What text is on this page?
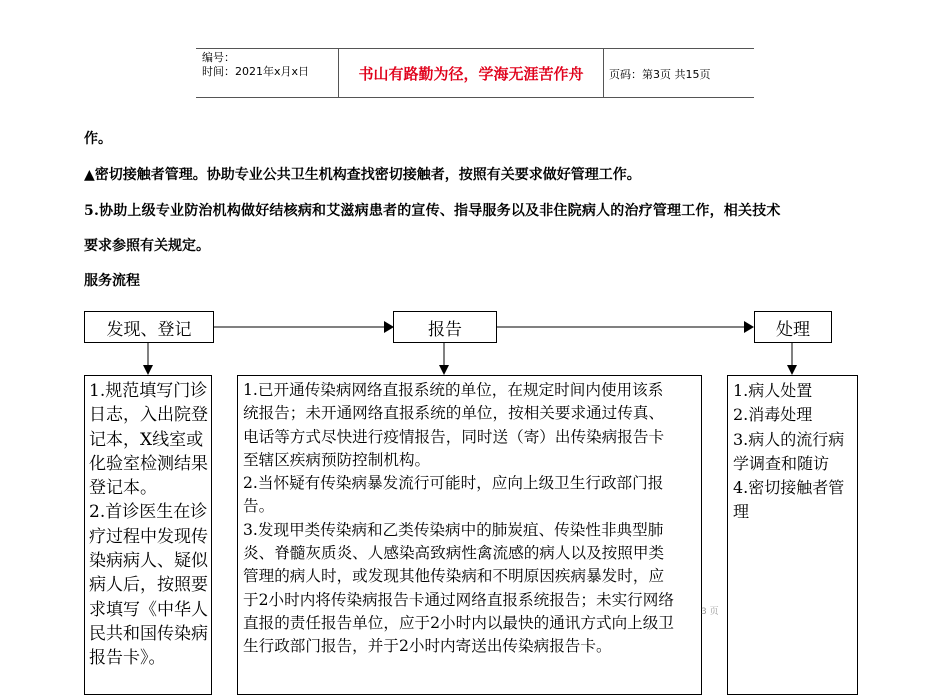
编号：
时间：2021年x月x日	书山有路勤为径，学海无涯苦作舟	页码：第3页 共15页
作。
▲密切接触者管理。协助专业公共卫生机构查找密切接触者，按照有关要求做好管理工作。
5.协助上级专业防治机构做好结核病和艾滋病患者的宣传、指导服务以及非住院病人的治疗管理工作，相关技术
要求参照有关规定。
服务流程
发现、登记	报告	处理
1.规范填写门诊
日志，入出院登
记本，X线室或
化验室检测结果
登记本。
2.首诊医生在诊
疗过程中发现传
染病病人、疑似
病人后，按照要
求填写《中华人
民共和国传染病
报告卡》。
1.已开通传染病网络直报系统的单位，在规定时间内使用该系
统报告；未开通网络直报系统的单位，按相关要求通过传真、
电话等方式尽快进行疫情报告，同时送（寄）出传染病报告卡
至辖区疾病预防控制机构。
2.当怀疑有传染病暴发流行可能时，应向上级卫生行政部门报
告。
3.发现甲类传染病和乙类传染病中的肺炭疽、传染性非典型肺
炎、脊髓灰质炎、人感染高致病性禽流感的病人以及按照甲类
管理的病人时，或发现其他传染病和不明原因疾病暴发时，应
于2小时内将传染病报告卡通过网络直报系统报告；未实行网络
直报的责任报告单位，应于2小时内以最快的通讯方式向上级卫
生行政部门报告，并于2小时内寄送出传染病报告卡。
1.病人处置
2.消毒处理
3.病人的流行病
学调查和随访
4.密切接触者管
理
3 页
